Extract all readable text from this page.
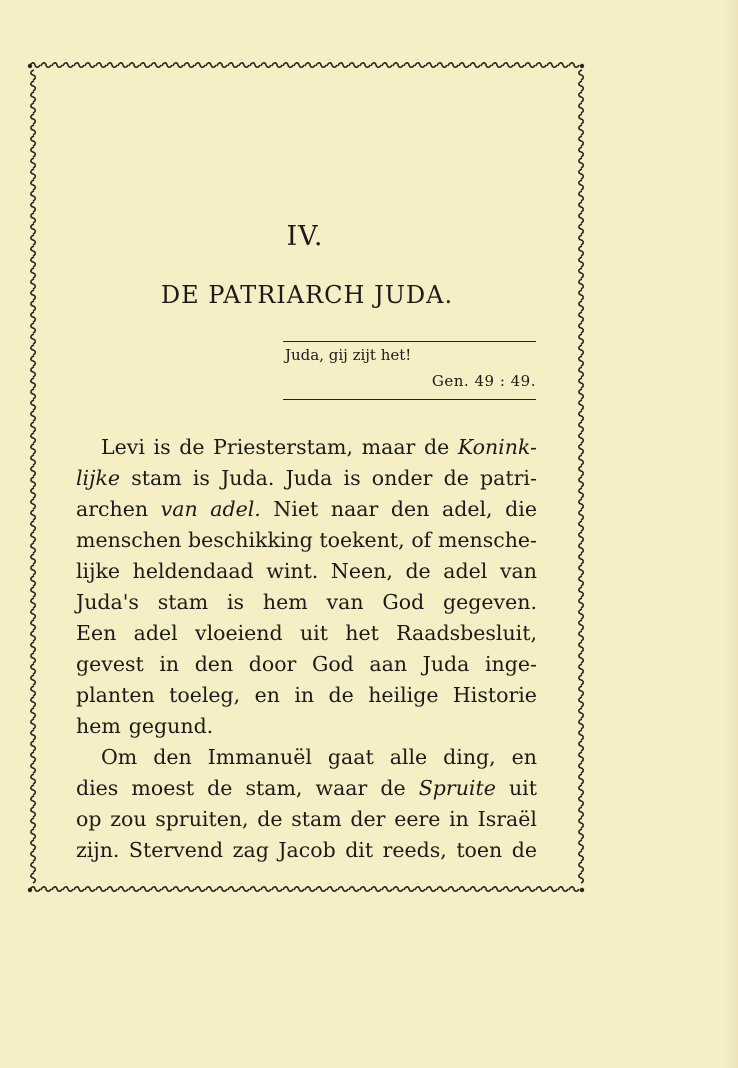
IV.
DE PATRIARCH JUDA.
Juda, gij zijt het!
Gen. 49 : 49.
Levi is de Priesterstam, maar de Konink-
lijke stam is Juda. Juda is onder de patri-
archen van adel. Niet naar den adel, die
menschen beschikking toekent, of mensche-
lijke heldendaad wint. Neen, de adel van
Juda's stam is hem van God gegeven.
Een adel vloeiend uit het Raadsbesluit,
gevest in den door God aan Juda inge-
planten toeleg, en in de heilige Historie
hem gegund.
Om den Immanuël gaat alle ding, en
dies moest de stam, waar de Spruite uit
op zou spruiten, de stam der eere in Israël
zijn. Stervend zag Jacob dit reeds, toen de
